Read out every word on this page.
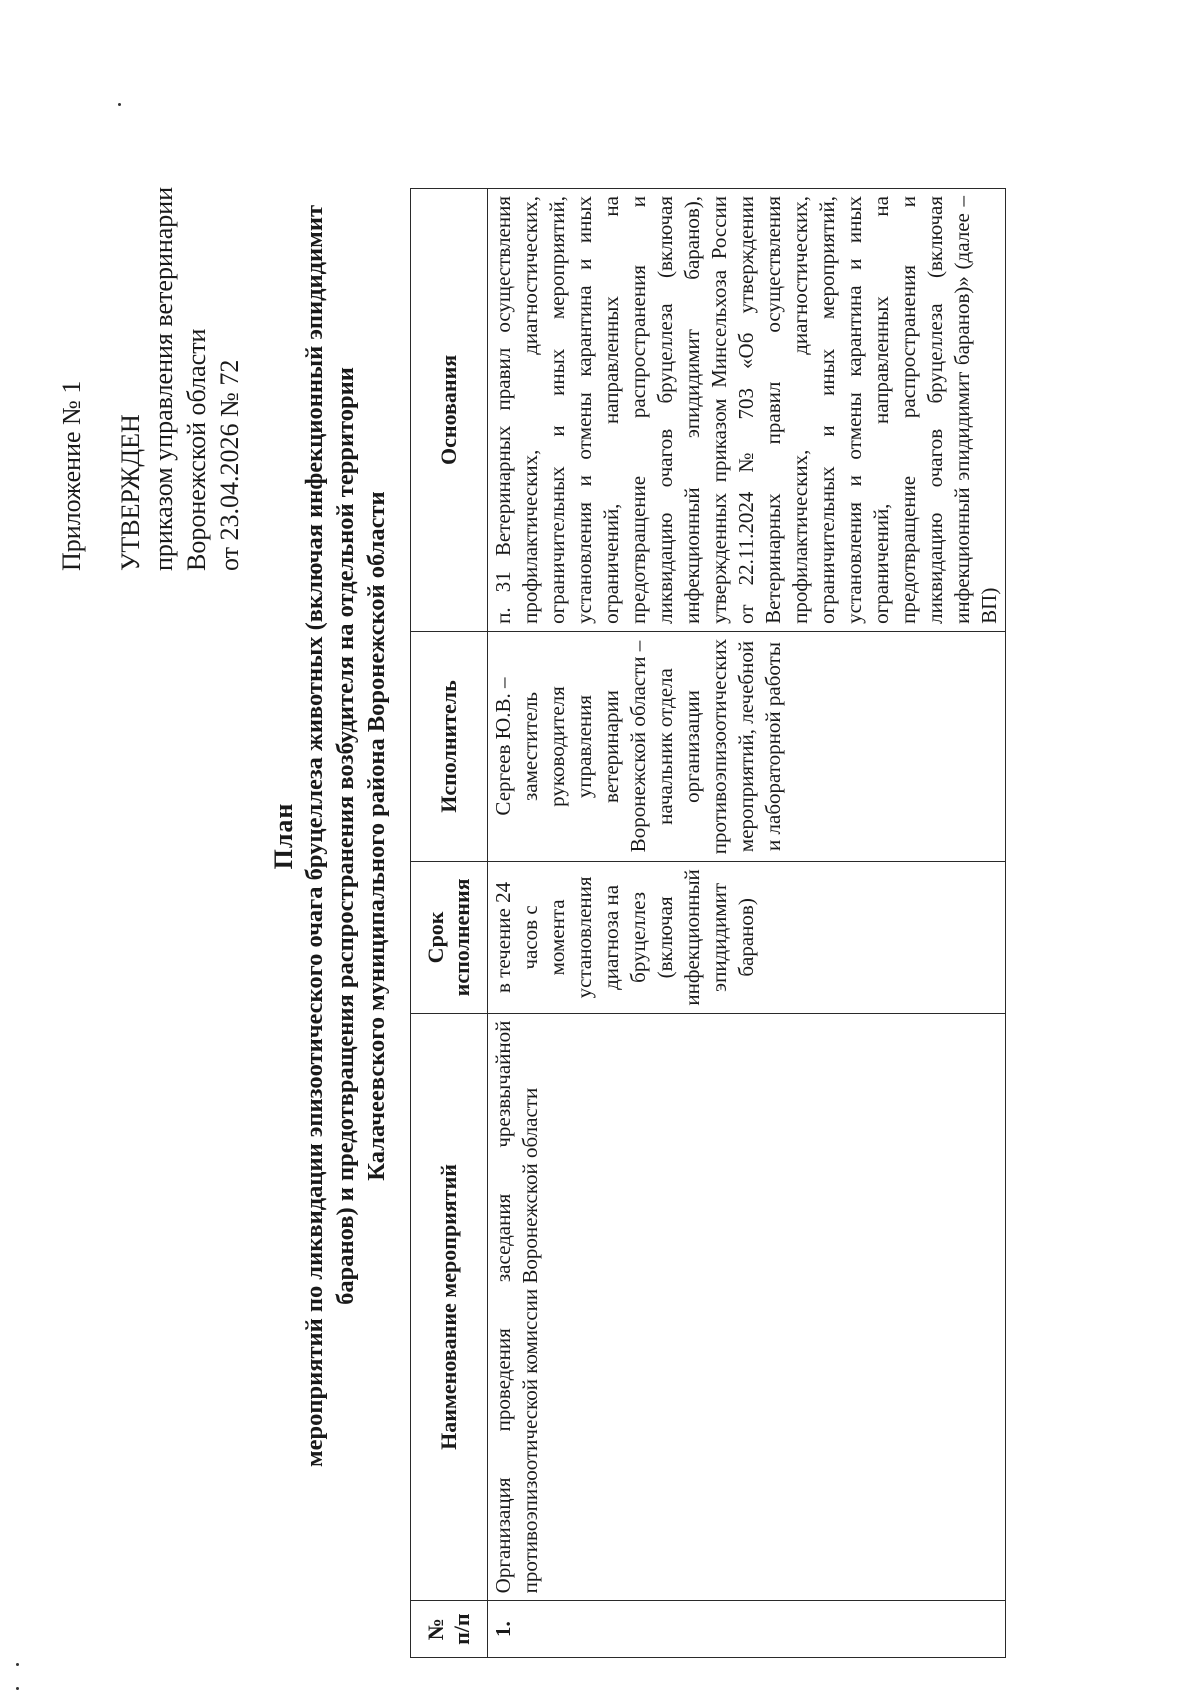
Приложение № 1 УТВЕРЖДЕН приказом управления ветеринарии Воронежской области от 23.04.2026 № 72
План мероприятий по ликвидации эпизоотического очага бруцеллеза животных (включая инфекционный эпидидимит баранов) и предотвращения распространения возбудителя на отдельной территории Калачеевского муниципального района Воронежской области
№ п/п	Наименование мероприятий	Срок исполнения	Исполнитель	Основания
1.	Организация проведения заседания чрезвычайной противоэпизоотической комиссии Воронежской области	в течение 24 часов с момента установления диагноза на бруцеллез (включая инфекционный эпидидимит баранов)	Сергеев Ю.В. – заместитель руководителя управления ветеринарии Воронежской области – начальник отдела организации противоэпизоотических мероприятий, лечебной и лабораторной работы	п. 31 Ветеринарных правил осуществления профилактических, диагностических, ограничительных и иных мероприятий, установления и отмены карантина и иных ограничений, направленных на предотвращение распространения и ликвидацию очагов бруцеллеза (включая инфекционный эпидидимит баранов), утвержденных приказом Минсельхоза России от 22.11.2024 № 703 «Об утверждении Ветеринарных правил осуществления профилактических, диагностических, ограничительных и иных мероприятий, установления и отмены карантина и иных ограничений, направленных на предотвращение распространения и ликвидацию очагов бруцеллеза (включая инфекционный эпидидимит баранов)» (далее – ВП)
